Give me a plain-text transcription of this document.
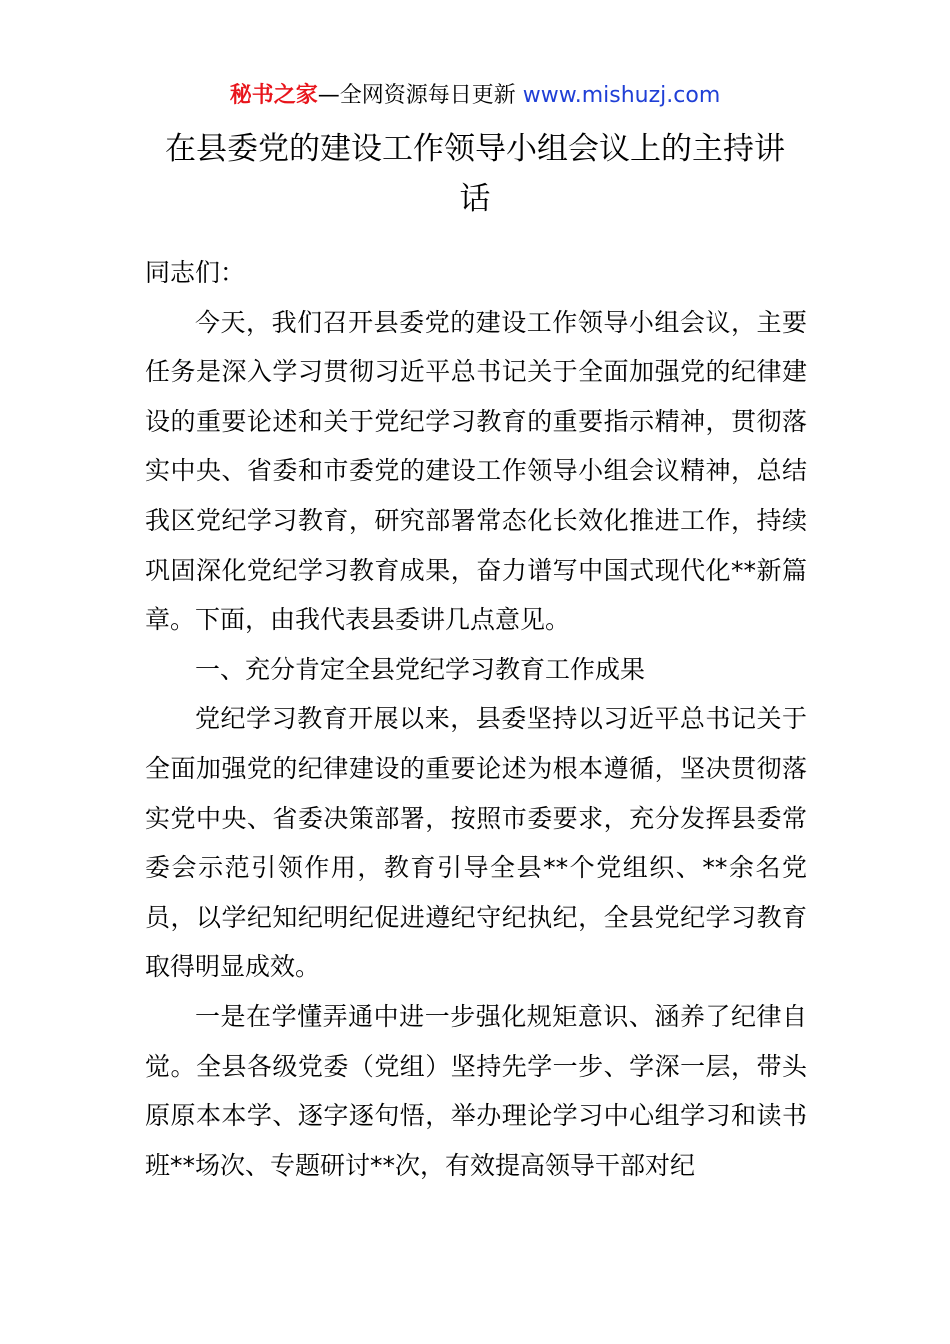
秘书之家—全网资源每日更新 www.mishuzj.com
在县委党的建设工作领导小组会议上的主持讲话

同志们：

今天，我们召开县委党的建设工作领导小组会议，主要任务是深入学习贯彻习近平总书记关于全面加强党的纪律建设的重要论述和关于党纪学习教育的重要指示精神，贯彻落实中央、省委和市委党的建设工作领导小组会议精神，总结我区党纪学习教育，研究部署常态化长效化推进工作，持续巩固深化党纪学习教育成果，奋力谱写中国式现代化**新篇章。下面，由我代表县委讲几点意见。

一、充分肯定全县党纪学习教育工作成果

党纪学习教育开展以来，县委坚持以习近平总书记关于全面加强党的纪律建设的重要论述为根本遵循，坚决贯彻落实党中央、省委决策部署，按照市委要求，充分发挥县委常委会示范引领作用，教育引导全县**个党组织、**余名党员，以学纪知纪明纪促进遵纪守纪执纪，全县党纪学习教育取得明显成效。

一是在学懂弄通中进一步强化规矩意识、涵养了纪律自觉。全县各级党委（党组）坚持先学一步、学深一层，带头原原本本学、逐字逐句悟，举办理论学习中心组学习和读书班**场次、专题研讨**次，有效提高领导干部对纪
